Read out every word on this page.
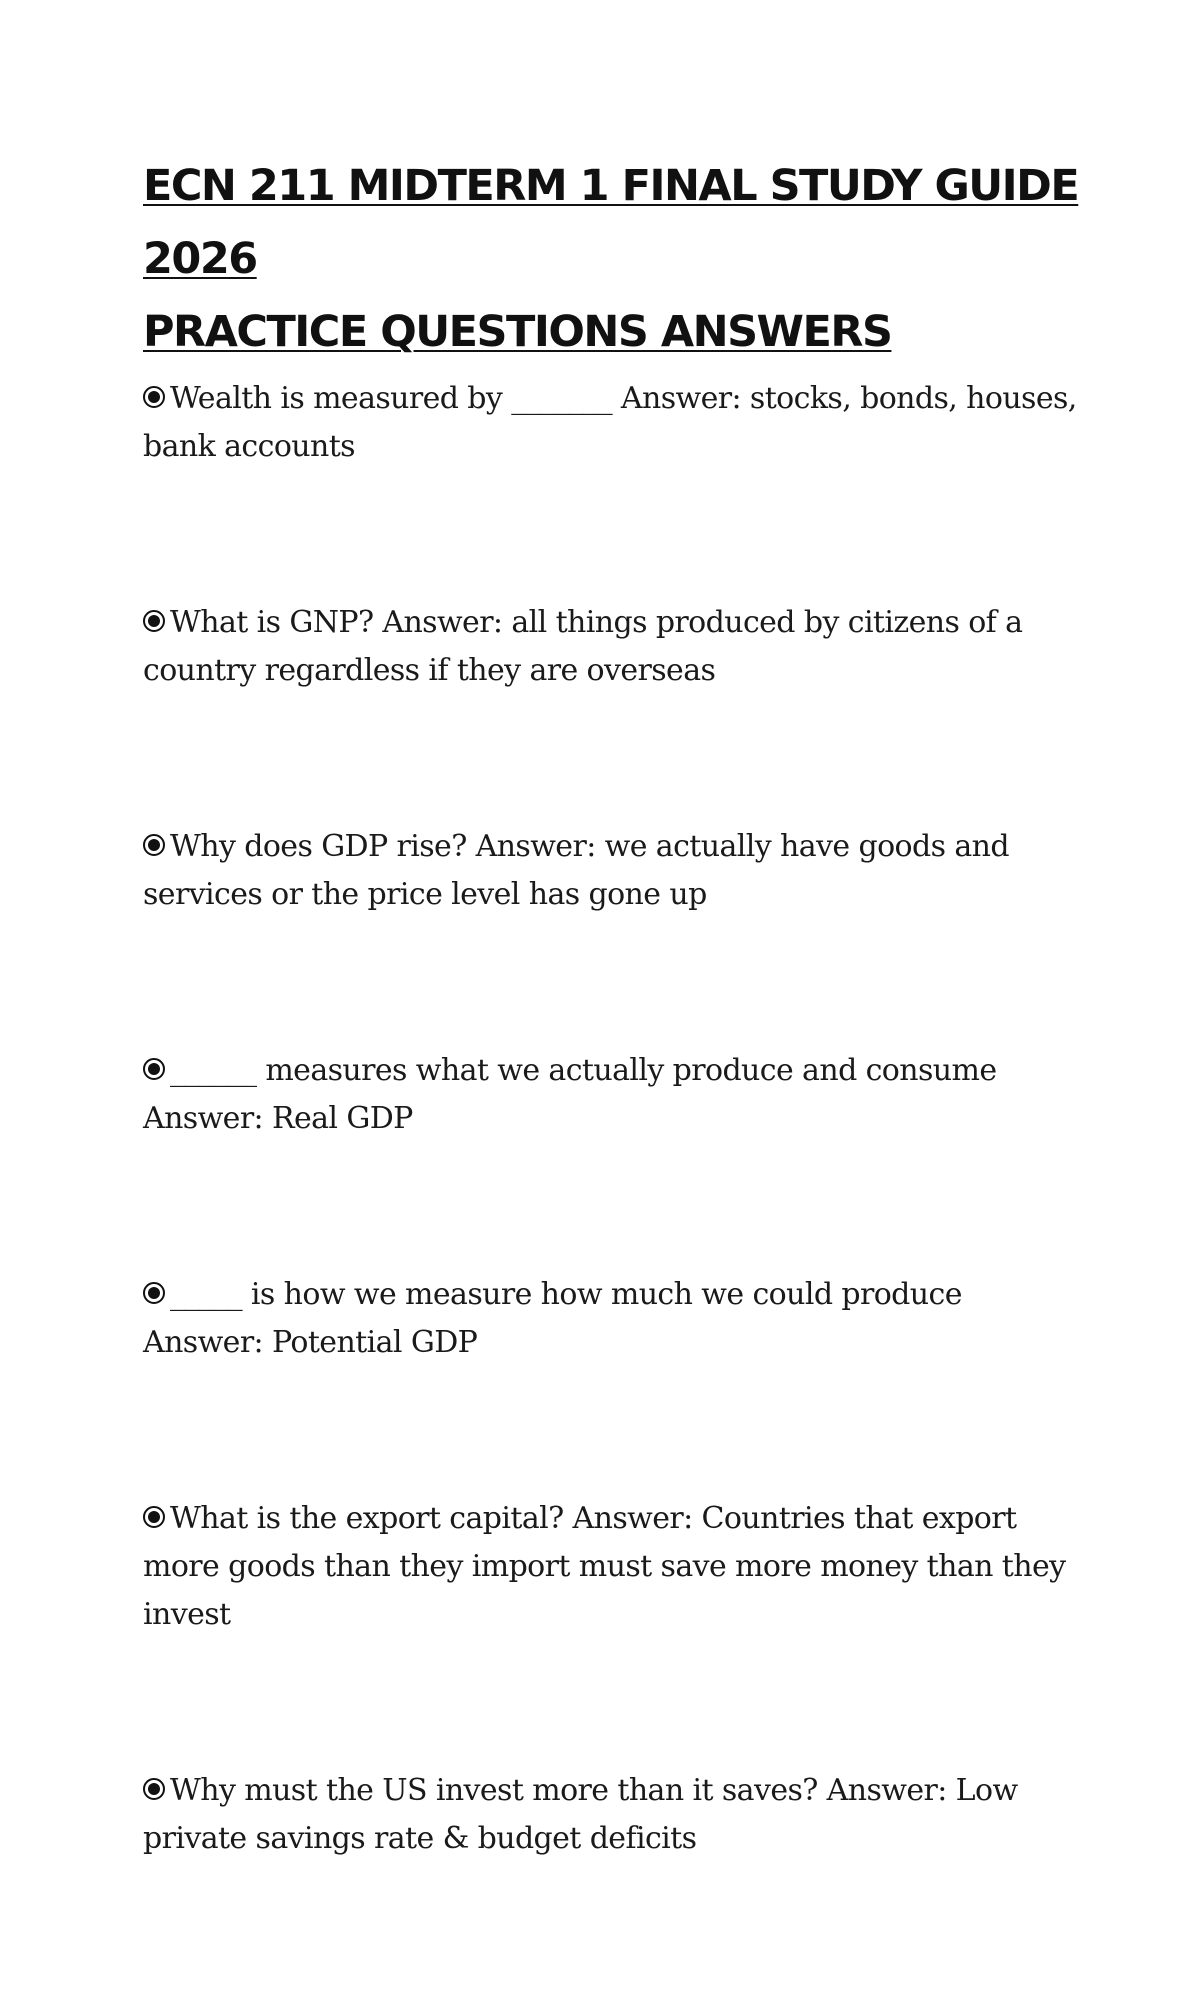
ECN 211 MIDTERM 1 FINAL STUDY GUIDE 2026
PRACTICE QUESTIONS ANSWERS
Wealth is measured by _______ Answer: stocks, bonds, houses, bank accounts
What is GNP? Answer: all things produced by citizens of a country regardless if they are overseas
Why does GDP rise? Answer: we actually have goods and services or the price level has gone up
______ measures what we actually produce and consume Answer: Real GDP
_____ is how we measure how much we could produce Answer: Potential GDP
What is the export capital? Answer: Countries that export more goods than they import must save more money than they invest
Why must the US invest more than it saves? Answer: Low private savings rate & budget deficits
